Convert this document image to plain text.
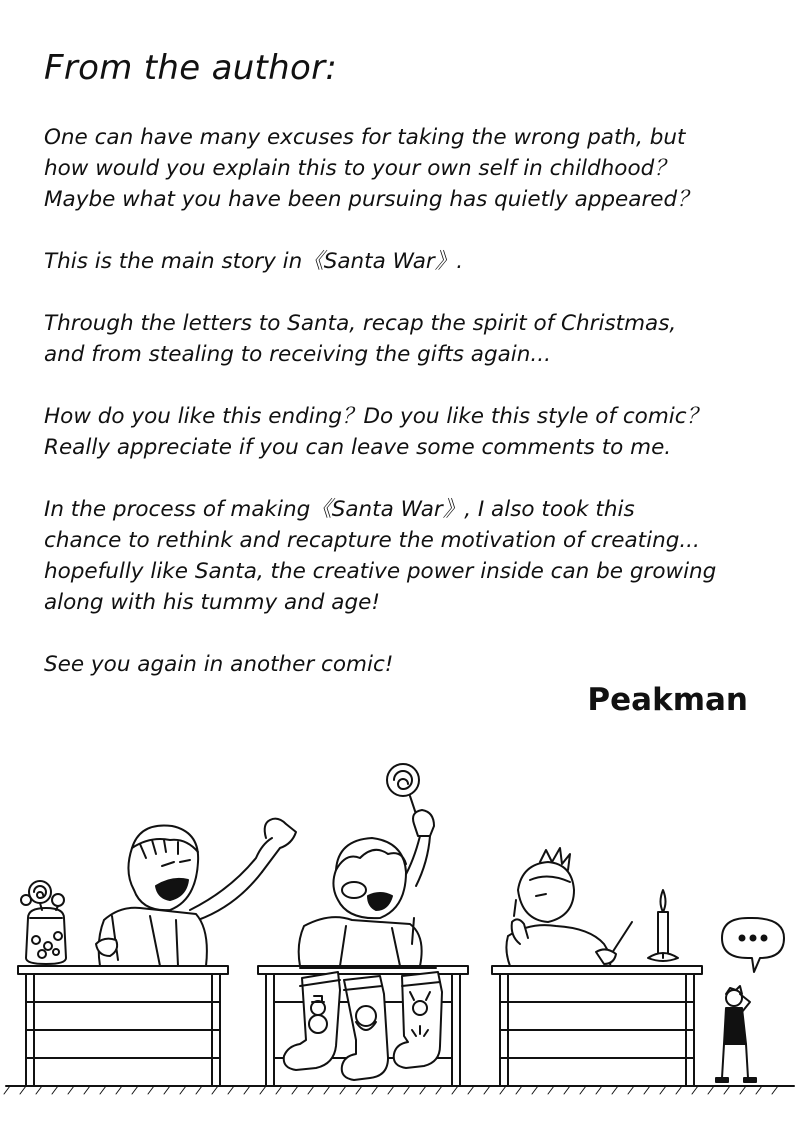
From the author:

One can have many excuses for taking the wrong path, but
how would you explain this to your own self in childhood？
Maybe what you have been pursuing has quietly appeared？

This is the main story in《Santa War》.

Through the letters to Santa, recap the spirit of Christmas,
and from stealing to receiving the gifts again...

How do you like this ending？Do you like this style of comic？
Really appreciate if you can leave some comments to me.

In the process of making《Santa War》, I also took this
chance to rethink and recapture the motivation of creating...
hopefully like Santa, the creative power inside can be growing
along with his tummy and age!

See you again in another comic!

Peakman
